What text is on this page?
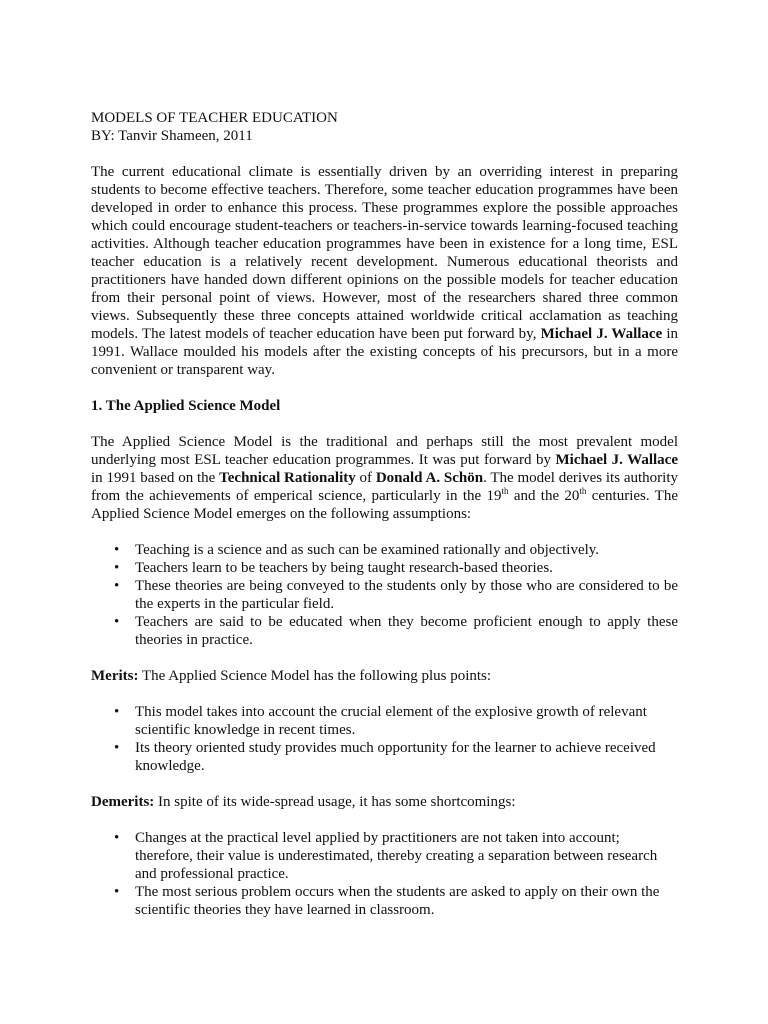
MODELS OF TEACHER EDUCATION

BY: Tanvir Shameen, 2011

The current educational climate is essentially driven by an overriding interest in preparing students to become effective teachers. Therefore, some teacher education programmes have been developed in order to enhance this process. These programmes explore the possible approaches which could encourage student-teachers or teachers-in-service towards learning-focused teaching activities. Although teacher education programmes have been in existence for a long time, ESL teacher education is a relatively recent development. Numerous educational theorists and practitioners have handed down different opinions on the possible models for teacher education from their personal point of views. However, most of the researchers shared three common views. Subsequently these three concepts attained worldwide critical acclamation as teaching models. The latest models of teacher education have been put forward by, Michael J. Wallace in 1991. Wallace moulded his models after the existing concepts of his precursors, but in a more convenient or transparent way.

1. The Applied Science Model

The Applied Science Model is the traditional and perhaps still the most prevalent model underlying most ESL teacher education programmes. It was put forward by Michael J. Wallace in 1991 based on the Technical Rationality of Donald A. Schön. The model derives its authority from the achievements of emperical science, particularly in the 19th and the 20th centuries. The Applied Science Model emerges on the following assumptions:

• Teaching is a science and as such can be examined rationally and objectively.
• Teachers learn to be teachers by being taught research-based theories.
• These theories are being conveyed to the students only by those who are considered to be the experts in the particular field.
• Teachers are said to be educated when they become proficient enough to apply these theories in practice.

Merits: The Applied Science Model has the following plus points:

• This model takes into account the crucial element of the explosive growth of relevant scientific knowledge in recent times.
• Its theory oriented study provides much opportunity for the learner to achieve received knowledge.

Demerits: In spite of its wide-spread usage, it has some shortcomings:

• Changes at the practical level applied by practitioners are not taken into account; therefore, their value is underestimated, thereby creating a separation between research and professional practice.
• The most serious problem occurs when the students are asked to apply on their own the scientific theories they have learned in classroom.
